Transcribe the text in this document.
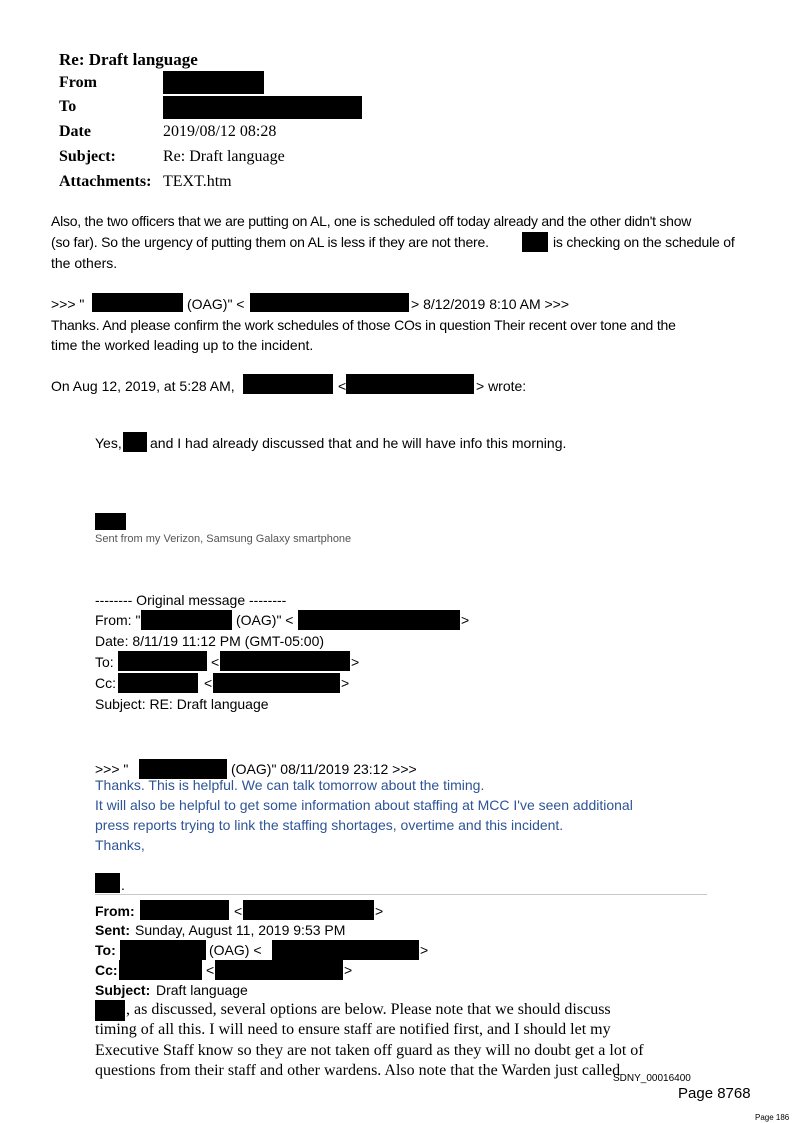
Re: Draft language
From
To
Date	2019/08/12 08:28
Subject:	Re: Draft language
Attachments: TEXT.htm
Also, the two officers that we are putting on AL, one is scheduled off today already and the other didn't show
(so far). So the urgency of putting them on AL is less if they are not there.	is checking on the schedule of
the others.
>>> "	(OAG)" <	> 8/12/2019 8:10 AM >>>
Thanks. And please confirm the work schedules of those COs in question Their recent over tone and the
time the worked leading up to the incident.
On Aug 12, 2019, at 5:28 AM,	<	> wrote:
Yes, and I had already discussed that and he will have info this morning.
Sent from my Verizon, Samsung Galaxy smartphone
-------- Original message --------
From: "	(OAG)" <	>
Date: 8/11/19 11:12 PM (GMT-05:00)
To:	<	>
Cc:	<	>
Subject: RE: Draft language
>>> "	(OAG)" 08/11/2019 23:12 >>>
Thanks. This is helpful. We can talk tomorrow about the timing.
It will also be helpful to get some information about staffing at MCC I've seen additional
press reports trying to link the staffing shortages, overtime and this incident.
Thanks,
.
From:	<	>
Sent: Sunday, August 11, 2019 9:53 PM
To:	(OAG) <	>
Cc:	<	>
Subject: Draft language
, as discussed, several options are below. Please note that we should discuss
timing of all this. I will need to ensure staff are notified first, and I should let my
Executive Staff know so they are not taken off guard as they will no doubt get a lot of
questions from their staff and other wardens. Also note that the Warden just called
SDNY_00016400
Page 8768
Page 186
